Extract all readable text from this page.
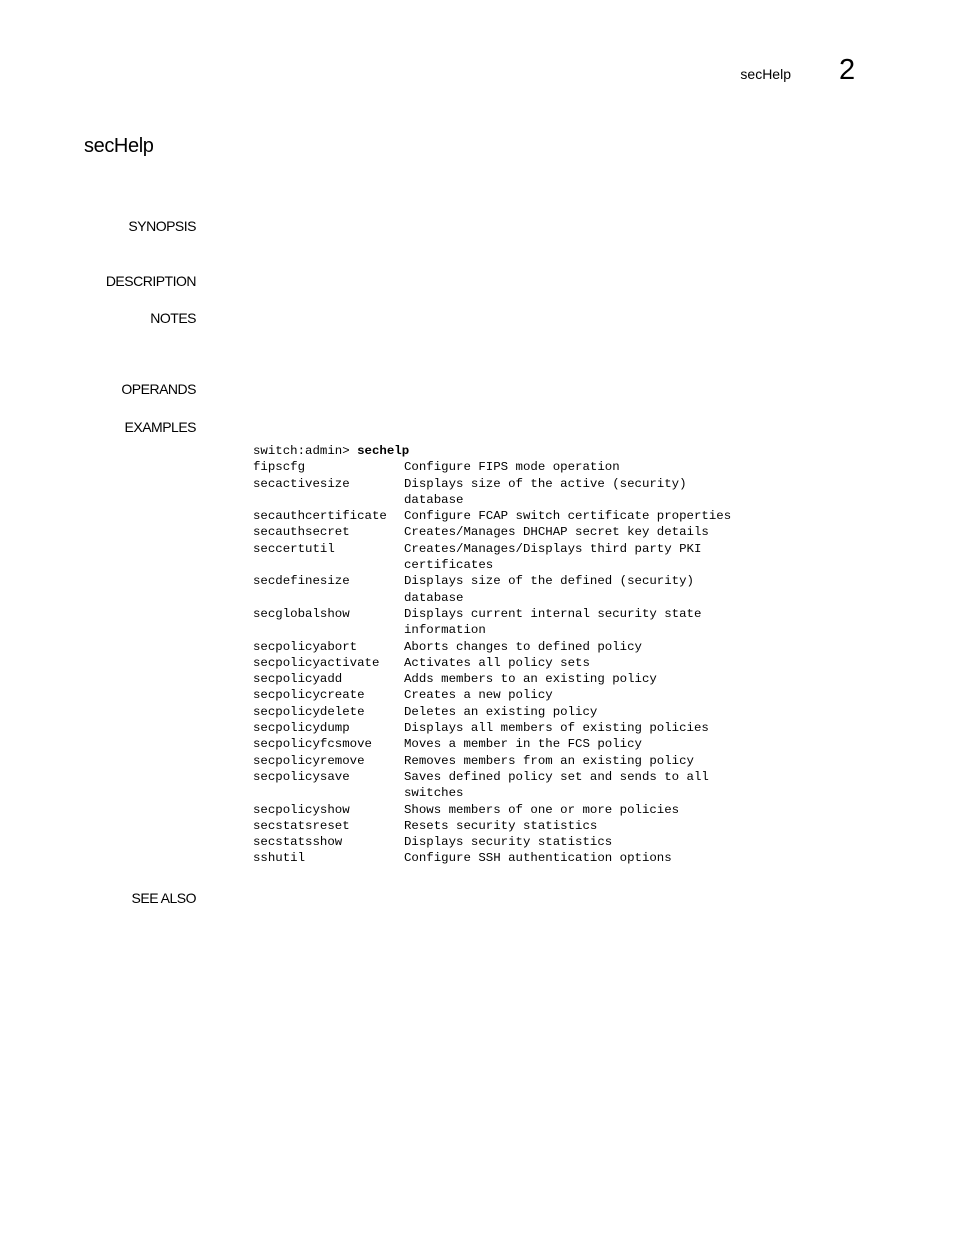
secHelp 2
secHelp
SYNOPSIS
DESCRIPTION
NOTES
OPERANDS
EXAMPLES
SEE ALSO
switch:admin> sechelp
fipscfg	Configure FIPS mode operation
secactivesize	Displays size of the active (security)
database
secauthcertificate	Configure FCAP switch certificate properties
secauthsecret	Creates/Manages DHCHAP secret key details
seccertutil	Creates/Manages/Displays third party PKI
certificates
secdefinesize	Displays size of the defined (security)
database
secglobalshow	Displays current internal security state
information
secpolicyabort	Aborts changes to defined policy
secpolicyactivate	Activates all policy sets
secpolicyadd	Adds members to an existing policy
secpolicycreate	Creates a new policy
secpolicydelete	Deletes an existing policy
secpolicydump	Displays all members of existing policies
secpolicyfcsmove	Moves a member in the FCS policy
secpolicyremove	Removes members from an existing policy
secpolicysave	Saves defined policy set and sends to all
switches
secpolicyshow	Shows members of one or more policies
secstatsreset	Resets security statistics
secstatsshow	Displays security statistics
sshutil	Configure SSH authentication options
